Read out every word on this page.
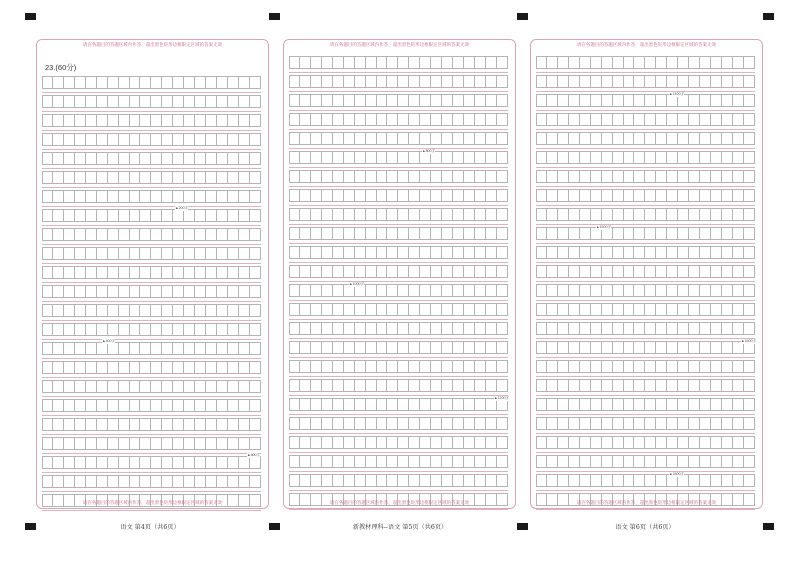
请在各题目的答题区域内作答，超出黑色矩形边框限定区域的答案无效
23.(60分)
▲200字
▲400字
▲600字
请在各题目的答题区域内作答，超出黑色矩形边框限定区域的答案无效
请在各题目的答题区域内作答，超出黑色矩形边框限定区域的答案无效
▲800字
▲1000字
▲1200字
请在各题目的答题区域内作答，超出黑色矩形边框限定区域的答案无效
请在各题目的答题区域内作答，超出黑色矩形边框限定区域的答案无效
▲1400字
▲1500字
▲1600字
▲1800字
请在各题目的答题区域内作答，超出黑色矩形边框限定区域的答案无效
语文 第4页（共6页）	新教材理科--语文 第5页（共6页）	语文 第6页（共6页）
